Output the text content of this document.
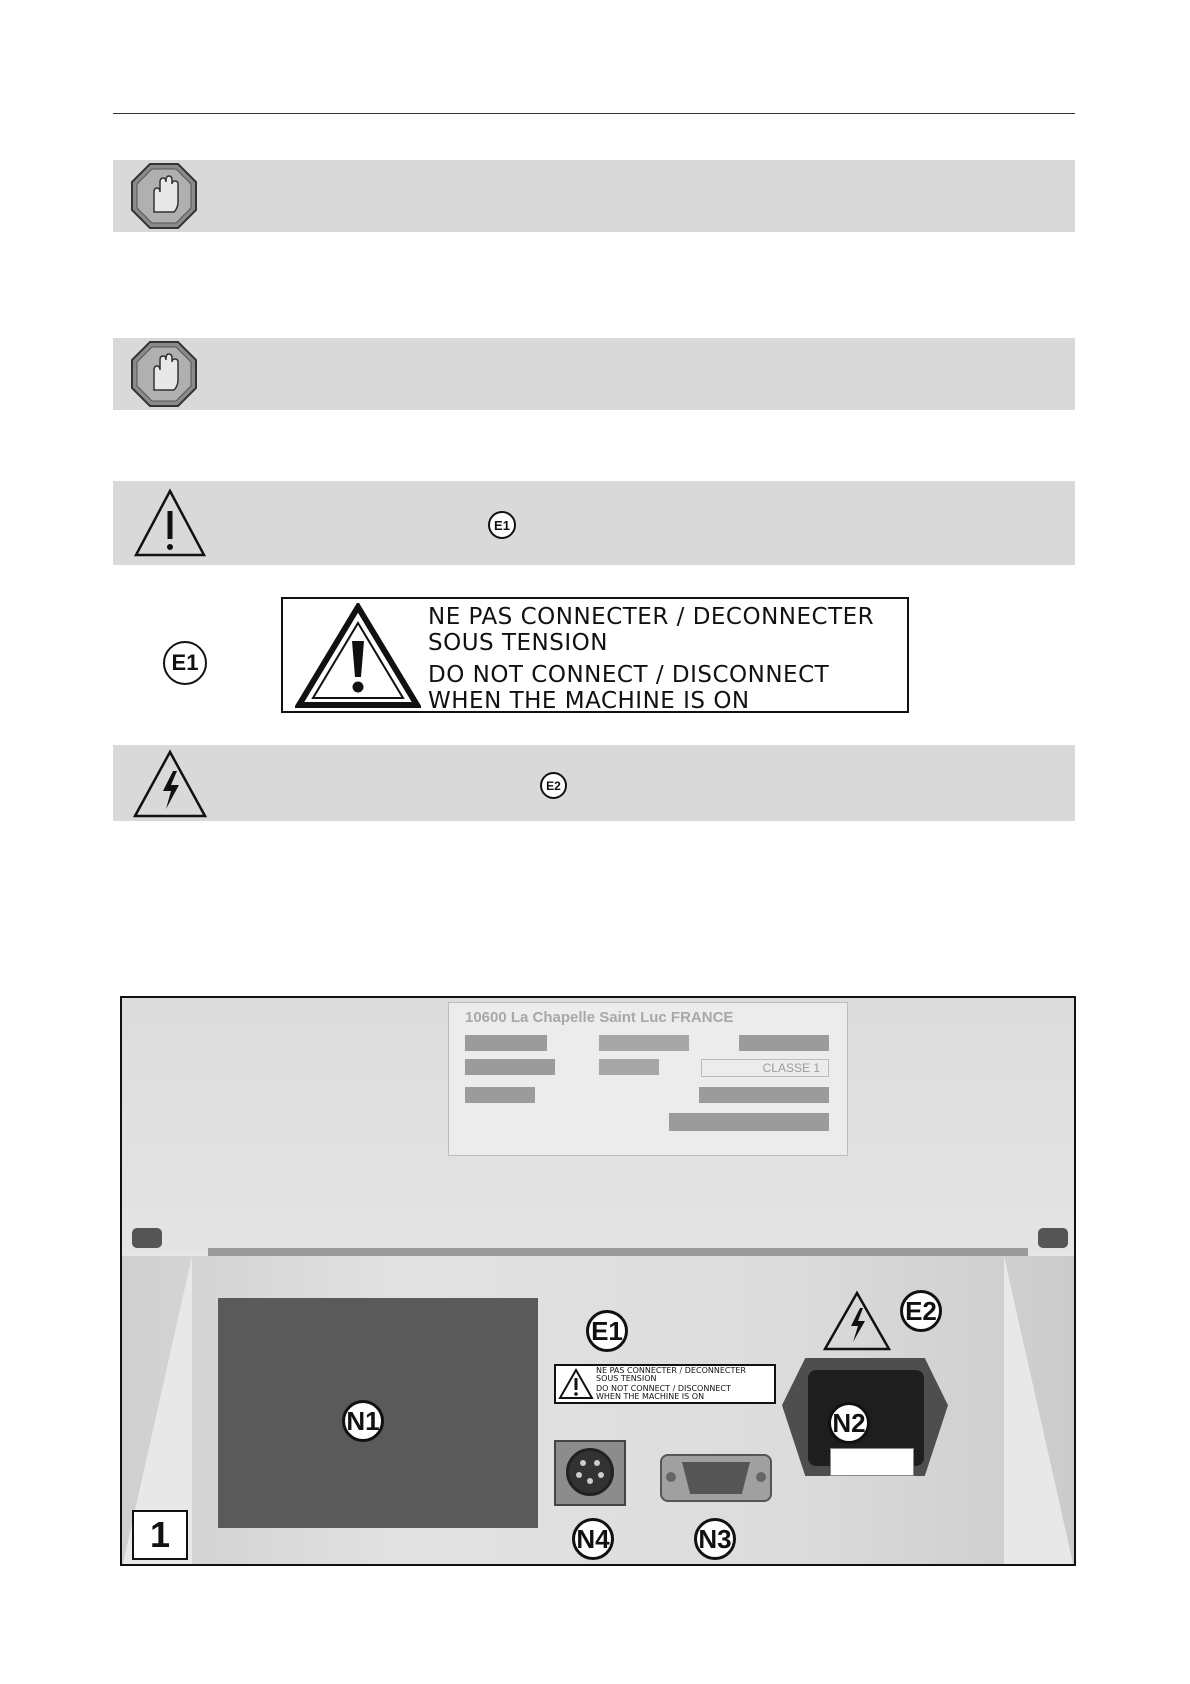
E1
E1
NE PAS CONNECTER / DECONNECTER
SOUS TENSION
DO NOT CONNECT / DISCONNECT
WHEN THE MACHINE IS ON
E2
10600 La Chapelle Saint Luc FRANCE
CLASSE 1
NE PAS CONNECTER / DECONNECTER
SOUS TENSION
DO NOT CONNECT / DISCONNECT
WHEN THE MACHINE IS ON
N1	N2
N3
N4
E1
E2
1
